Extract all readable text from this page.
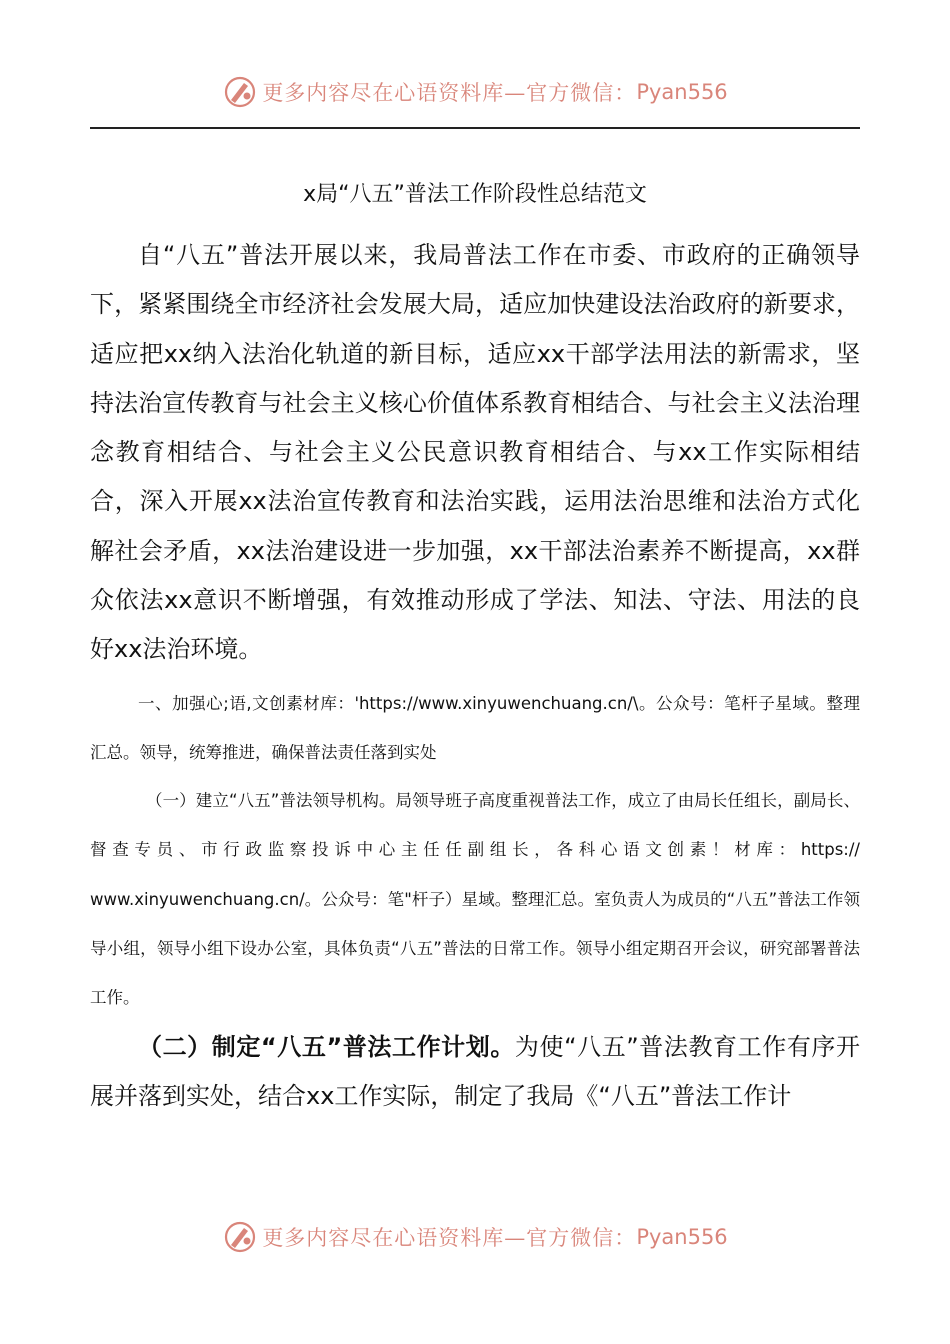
更多内容尽在心语资料库—官方微信： Pyan556
x局“八五”普法工作阶段性总结范文

自“八五”普法开展以来，我局普法工作在市委、市政府的正确领导下，紧紧围绕全市经济社会发展大局，适应加快建设法治政府的新要求，适应把xx纳入法治化轨道的新目标，适应xx干部学法用法的新需求，坚持法治宣传教育与社会主义核心价值体系教育相结合、与社会主义法治理念教育相结合、与社会主义公民意识教育相结合、与xx工作实际相结合，深入开展xx法治宣传教育和法治实践，运用法治思维和法治方式化解社会矛盾，xx法治建设进一步加强，xx干部法治素养不断提高，xx群众依法xx意识不断增强，有效推动形成了学法、知法、守法、用法的良好xx法治环境。

一、加强心;语,文创素材库：'https://www.xinyuwenchuang.cn/\。公众号：笔杆子星域。整理汇总。领导，统筹推进，确保普法责任落到实处

（一）建立“八五”普法领导机构。局领导班子高度重视普法工作，成立了由局长任组长，副局长、督查专员、市行政监察投诉中心主任任副组长，各科心语文创素！材库：https:// www.xinyuwenchuang.cn/。公众号：笔"杆子）星域。整理汇总。室负责人为成员的“八五”普法工作领导小组，领导小组下设办公室，具体负责“八五”普法的日常工作。领导小组定期召开会议，研究部署普法工作。

（二）制定“八五”普法工作计划。为使“八五”普法教育工作有序开展并落到实处，结合xx工作实际，制定了我局《“八五”普法工作计

更多内容尽在心语资料库—官方微信： Pyan556
